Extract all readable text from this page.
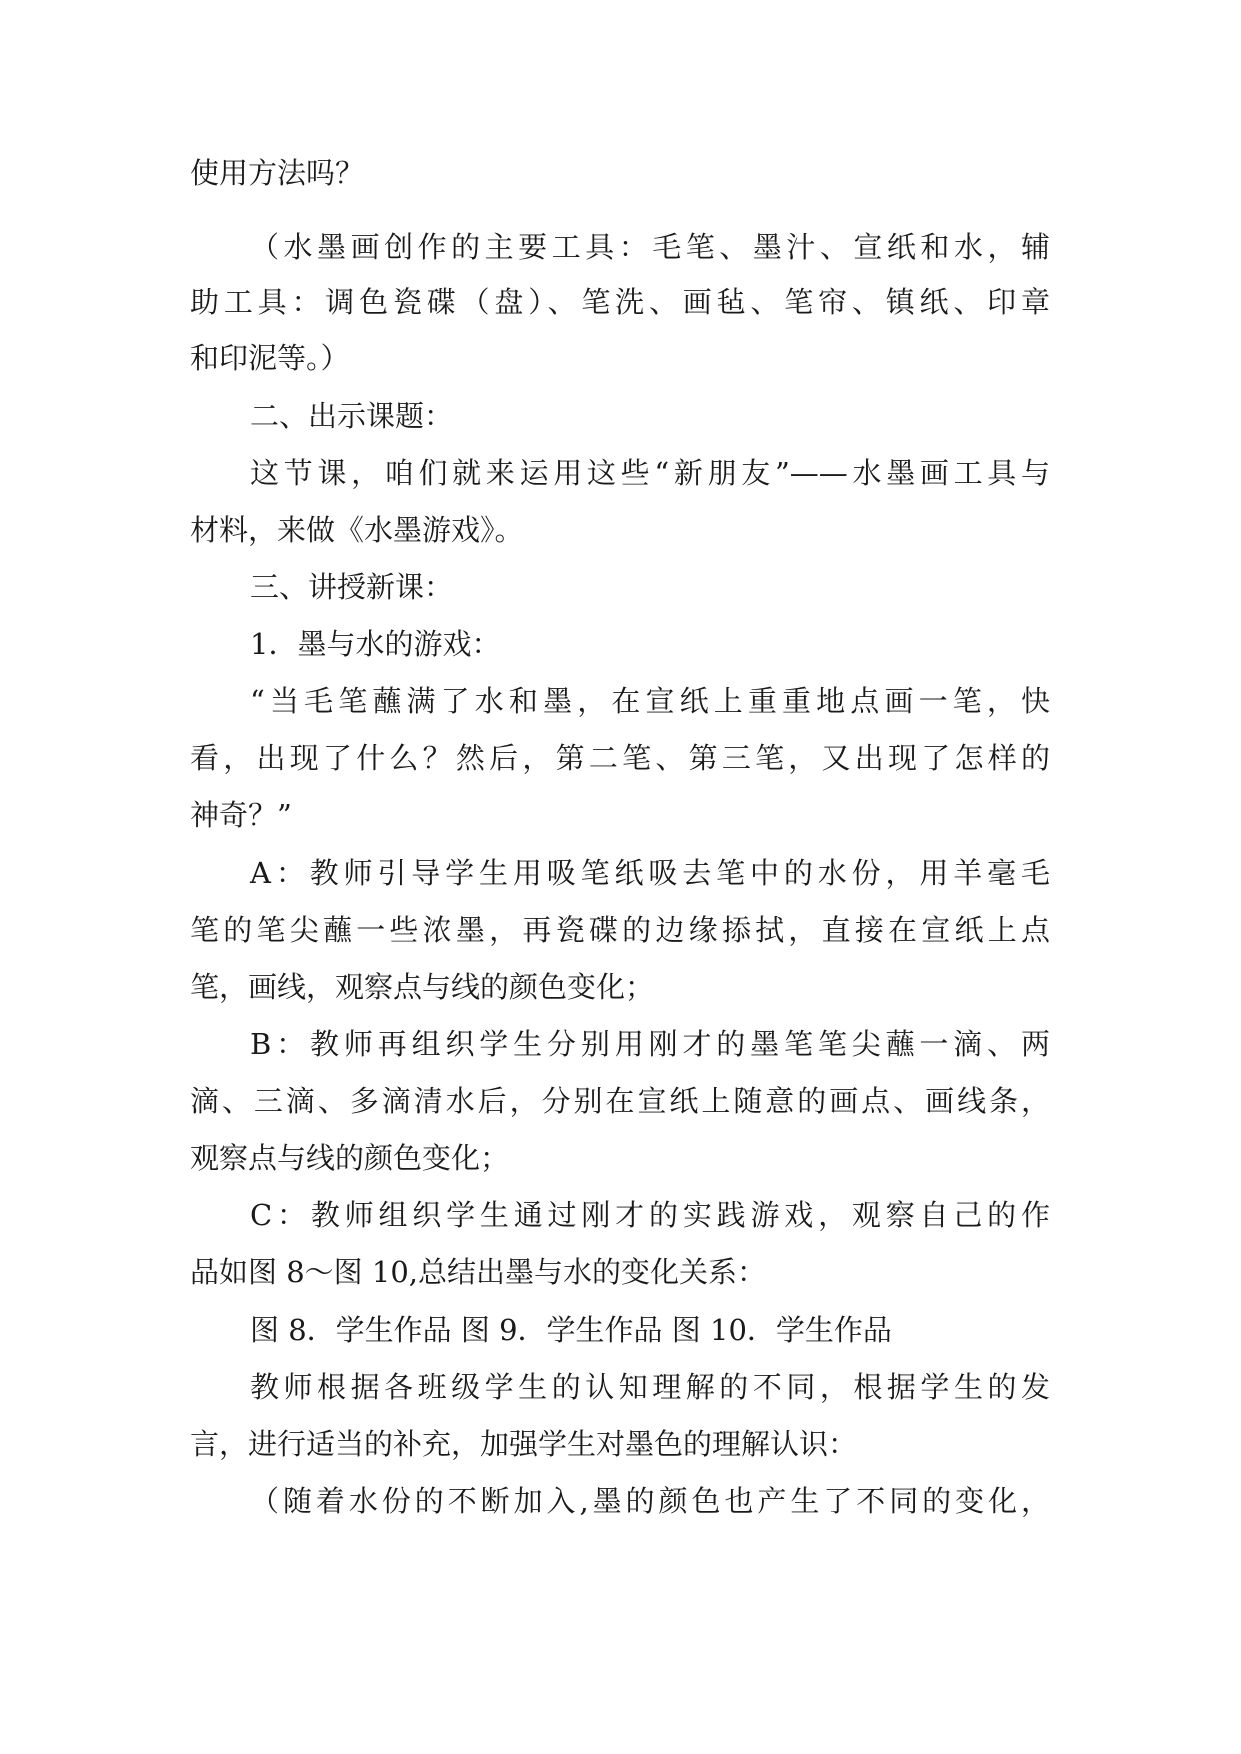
使用方法吗？

（水墨画创作的主要工具：毛笔、墨汁、宣纸和水，辅

助工具：调色瓷碟（盘）、笔洗、画毡、笔帘、镇纸、印章

和印泥等。）

二、出示课题：

这节课，咱们就来运用这些“新朋友”——水墨画工具与

材料，来做《水墨游戏》。

三、讲授新课：

1．墨与水的游戏：

“当毛笔蘸满了水和墨，在宣纸上重重地点画一笔，快

看，出现了什么？然后，第二笔、第三笔，又出现了怎样的

神奇？”

A：教师引导学生用吸笔纸吸去笔中的水份，用羊毫毛

笔的笔尖蘸一些浓墨，再瓷碟的边缘掭拭，直接在宣纸上点

笔，画线，观察点与线的颜色变化；

B：教师再组织学生分别用刚才的墨笔笔尖蘸一滴、两

滴、三滴、多滴清水后，分别在宣纸上随意的画点、画线条，

观察点与线的颜色变化；

C：教师组织学生通过刚才的实践游戏，观察自己的作

品如图 8～图 10,总结出墨与水的变化关系：

图 8．学生作品 图 9．学生作品 图 10．学生作品

教师根据各班级学生的认知理解的不同，根据学生的发

言，进行适当的补充，加强学生对墨色的理解认识：

（随着水份的不断加入,墨的颜色也产生了不同的变化，
